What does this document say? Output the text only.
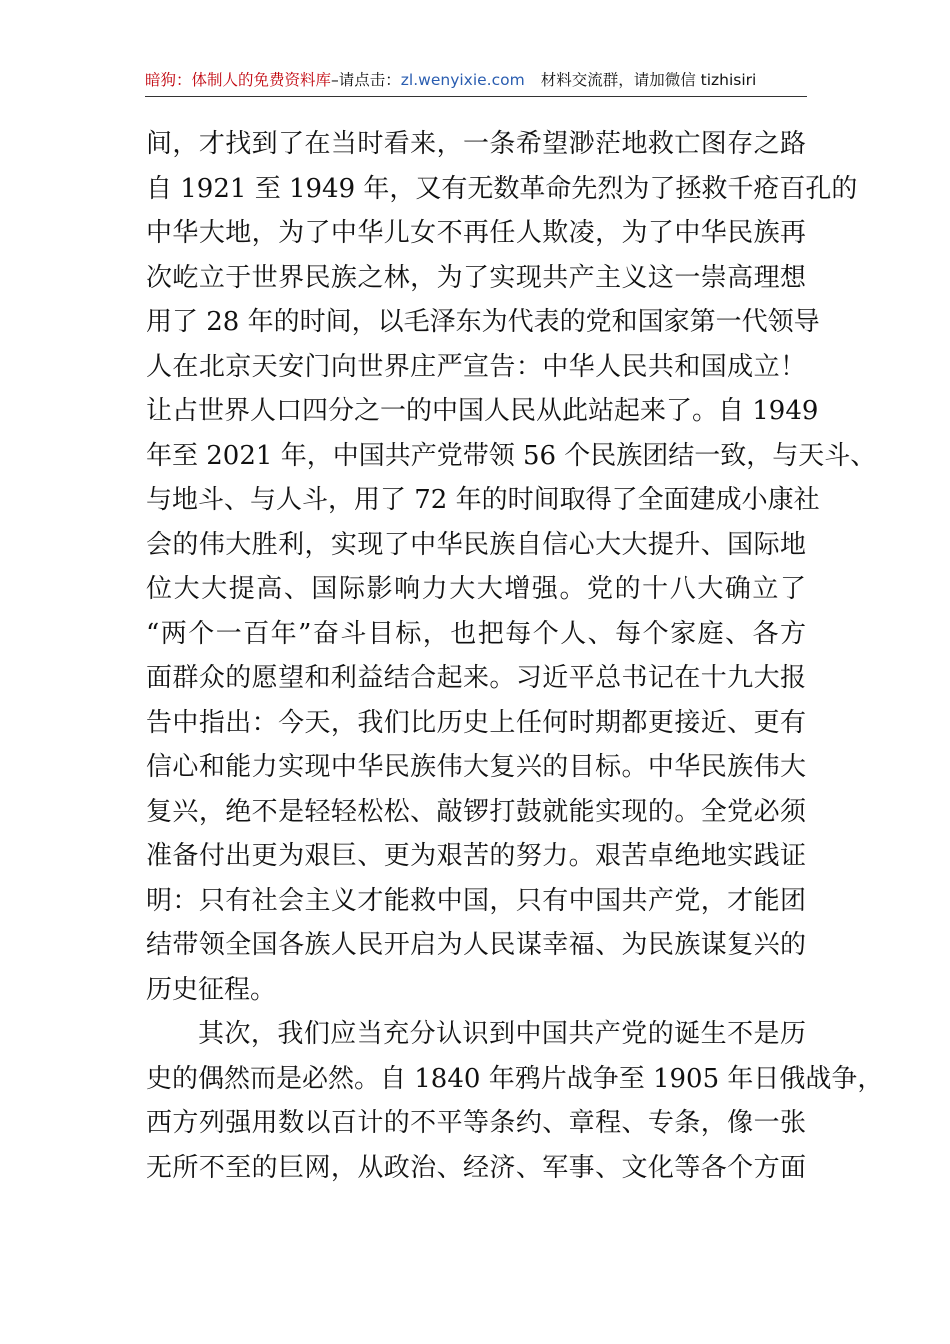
暗狗：体制人的免费资料库–请点击：zl.wenyixie.com 材料交流群，请加微信 tizhisiri
间，才找到了在当时看来，一条希望渺茫地救亡图存之路
自 1921 至 1949 年，又有无数革命先烈为了拯救千疮百孔的
中华大地，为了中华儿女不再任人欺凌，为了中华民族再
次屹立于世界民族之林，为了实现共产主义这一崇高理想
用了 28 年的时间，以毛泽东为代表的党和国家第一代领导
人在北京天安门向世界庄严宣告：中华人民共和国成立！
让占世界人口四分之一的中国人民从此站起来了。自 1949
年至 2021 年，中国共产党带领 56 个民族团结一致，与天斗、
与地斗、与人斗，用了 72 年的时间取得了全面建成小康社
会的伟大胜利，实现了中华民族自信心大大提升、国际地
位大大提高、国际影响力大大增强。党的十八大确立了
“两个一百年”奋斗目标，也把每个人、每个家庭、各方
面群众的愿望和利益结合起来。习近平总书记在十九大报
告中指出：今天，我们比历史上任何时期都更接近、更有
信心和能力实现中华民族伟大复兴的目标。中华民族伟大
复兴，绝不是轻轻松松、敲锣打鼓就能实现的。全党必须
准备付出更为艰巨、更为艰苦的努力。艰苦卓绝地实践证
明：只有社会主义才能救中国，只有中国共产党，才能团
结带领全国各族人民开启为人民谋幸福、为民族谋复兴的
历史征程。
其次，我们应当充分认识到中国共产党的诞生不是历
史的偶然而是必然。自 1840 年鸦片战争至 1905 年日俄战争，
西方列强用数以百计的不平等条约、章程、专条，像一张
无所不至的巨网，从政治、经济、军事、文化等各个方面
